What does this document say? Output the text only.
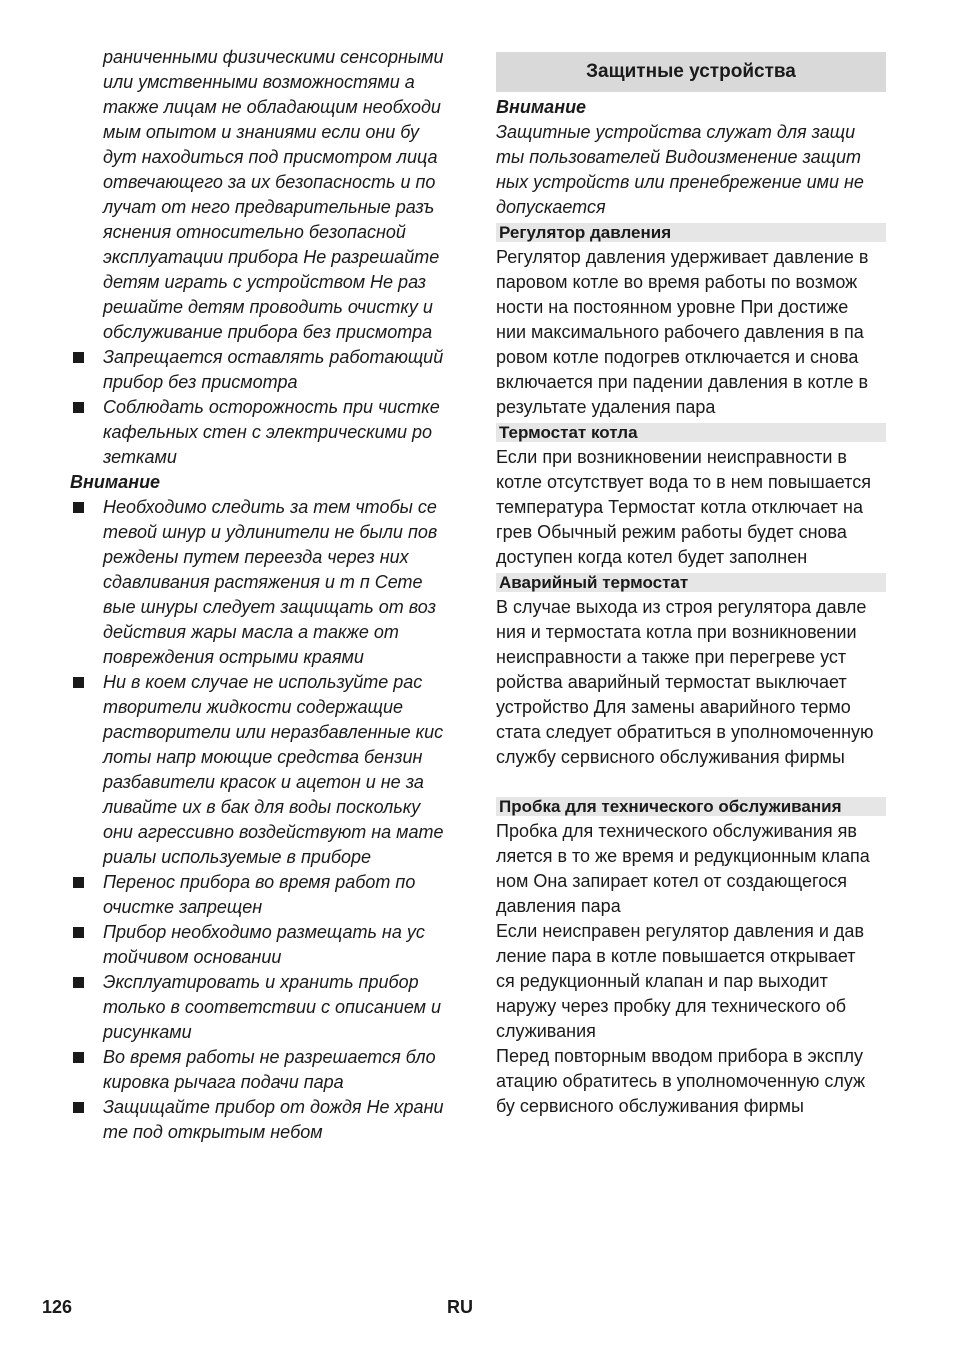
раниченными физическими сенсорными
или умственными возможностями а
также лицам не обладающим необходи
мым опытом и знаниями если они бу
дут находиться под присмотром лица
отвечающего за их безопасность и по
лучат от него предварительные разъ
яснения относительно безопасной
эксплуатации прибора Не разрешайте
детям играть с устройством Не раз
решайте детям проводить очистку и
обслуживание прибора без присмотра
Запрещается оставлять работающий
прибор без присмотра
Соблюдать осторожность при чистке
кафельных стен с электрическими ро
зетками
Внимание
Необходимо следить за тем чтобы се
тевой шнур и удлинители не были пов
реждены путем переезда через них
сдавливания растяжения и т п Сете
вые шнуры следует защищать от воз
действия жары масла а также от
повреждения острыми краями
Ни в коем случае не используйте рас
творители жидкости содержащие
растворители или неразбавленные кис
лоты напр моющие средства бензин
разбавители красок и ацетон и не за
ливайте их в бак для воды поскольку
они агрессивно воздействуют на мате
риалы используемые в приборе
Перенос прибора во время работ по
очистке запрещен
Прибор необходимо размещать на ус
тойчивом основании
Эксплуатировать и хранить прибор
только в соответствии с описанием и
рисунками
Во время работы не разрешается бло
кировка рычага подачи пара
Защищайте прибор от дождя Не храни
те под открытым небом
Защитные устройства
Внимание
Защитные устройства служат для защи
ты пользователей Видоизменение защит
ных устройств или пренебрежение ими не
допускается
Регулятор давления
Регулятор давления удерживает давление в
паровом котле во время работы по возмож
ности на постоянном уровне При достиже
нии максимального рабочего давления в па
ровом котле подогрев отключается и снова
включается при падении давления в котле в
результате удаления пара
Термостат котла
Если при возникновении неисправности в
котле отсутствует вода то в нем повышается
температура Термостат котла отключает на
грев Обычный режим работы будет снова
доступен когда котел будет заполнен
Аварийный термостат
В случае выхода из строя регулятора давле
ния и термостата котла при возникновении
неисправности а также при перегреве уст
ройства аварийный термостат выключает
устройство Для замены аварийного термо
стата следует обратиться в уполномоченную
службу сервисного обслуживания фирмы
Пробка для технического обслуживания
Пробка для технического обслуживания яв
ляется в то же время и редукционным клапа
ном Она запирает котел от создающегося
давления пара
Если неисправен регулятор давления и дав
ление пара в котле повышается открывает
ся редукционный клапан и пар выходит
наружу через пробку для технического об
служивания
Перед повторным вводом прибора в эксплу
атацию обратитесь в уполномоченную служ
бу сервисного обслуживания фирмы
126	RU
